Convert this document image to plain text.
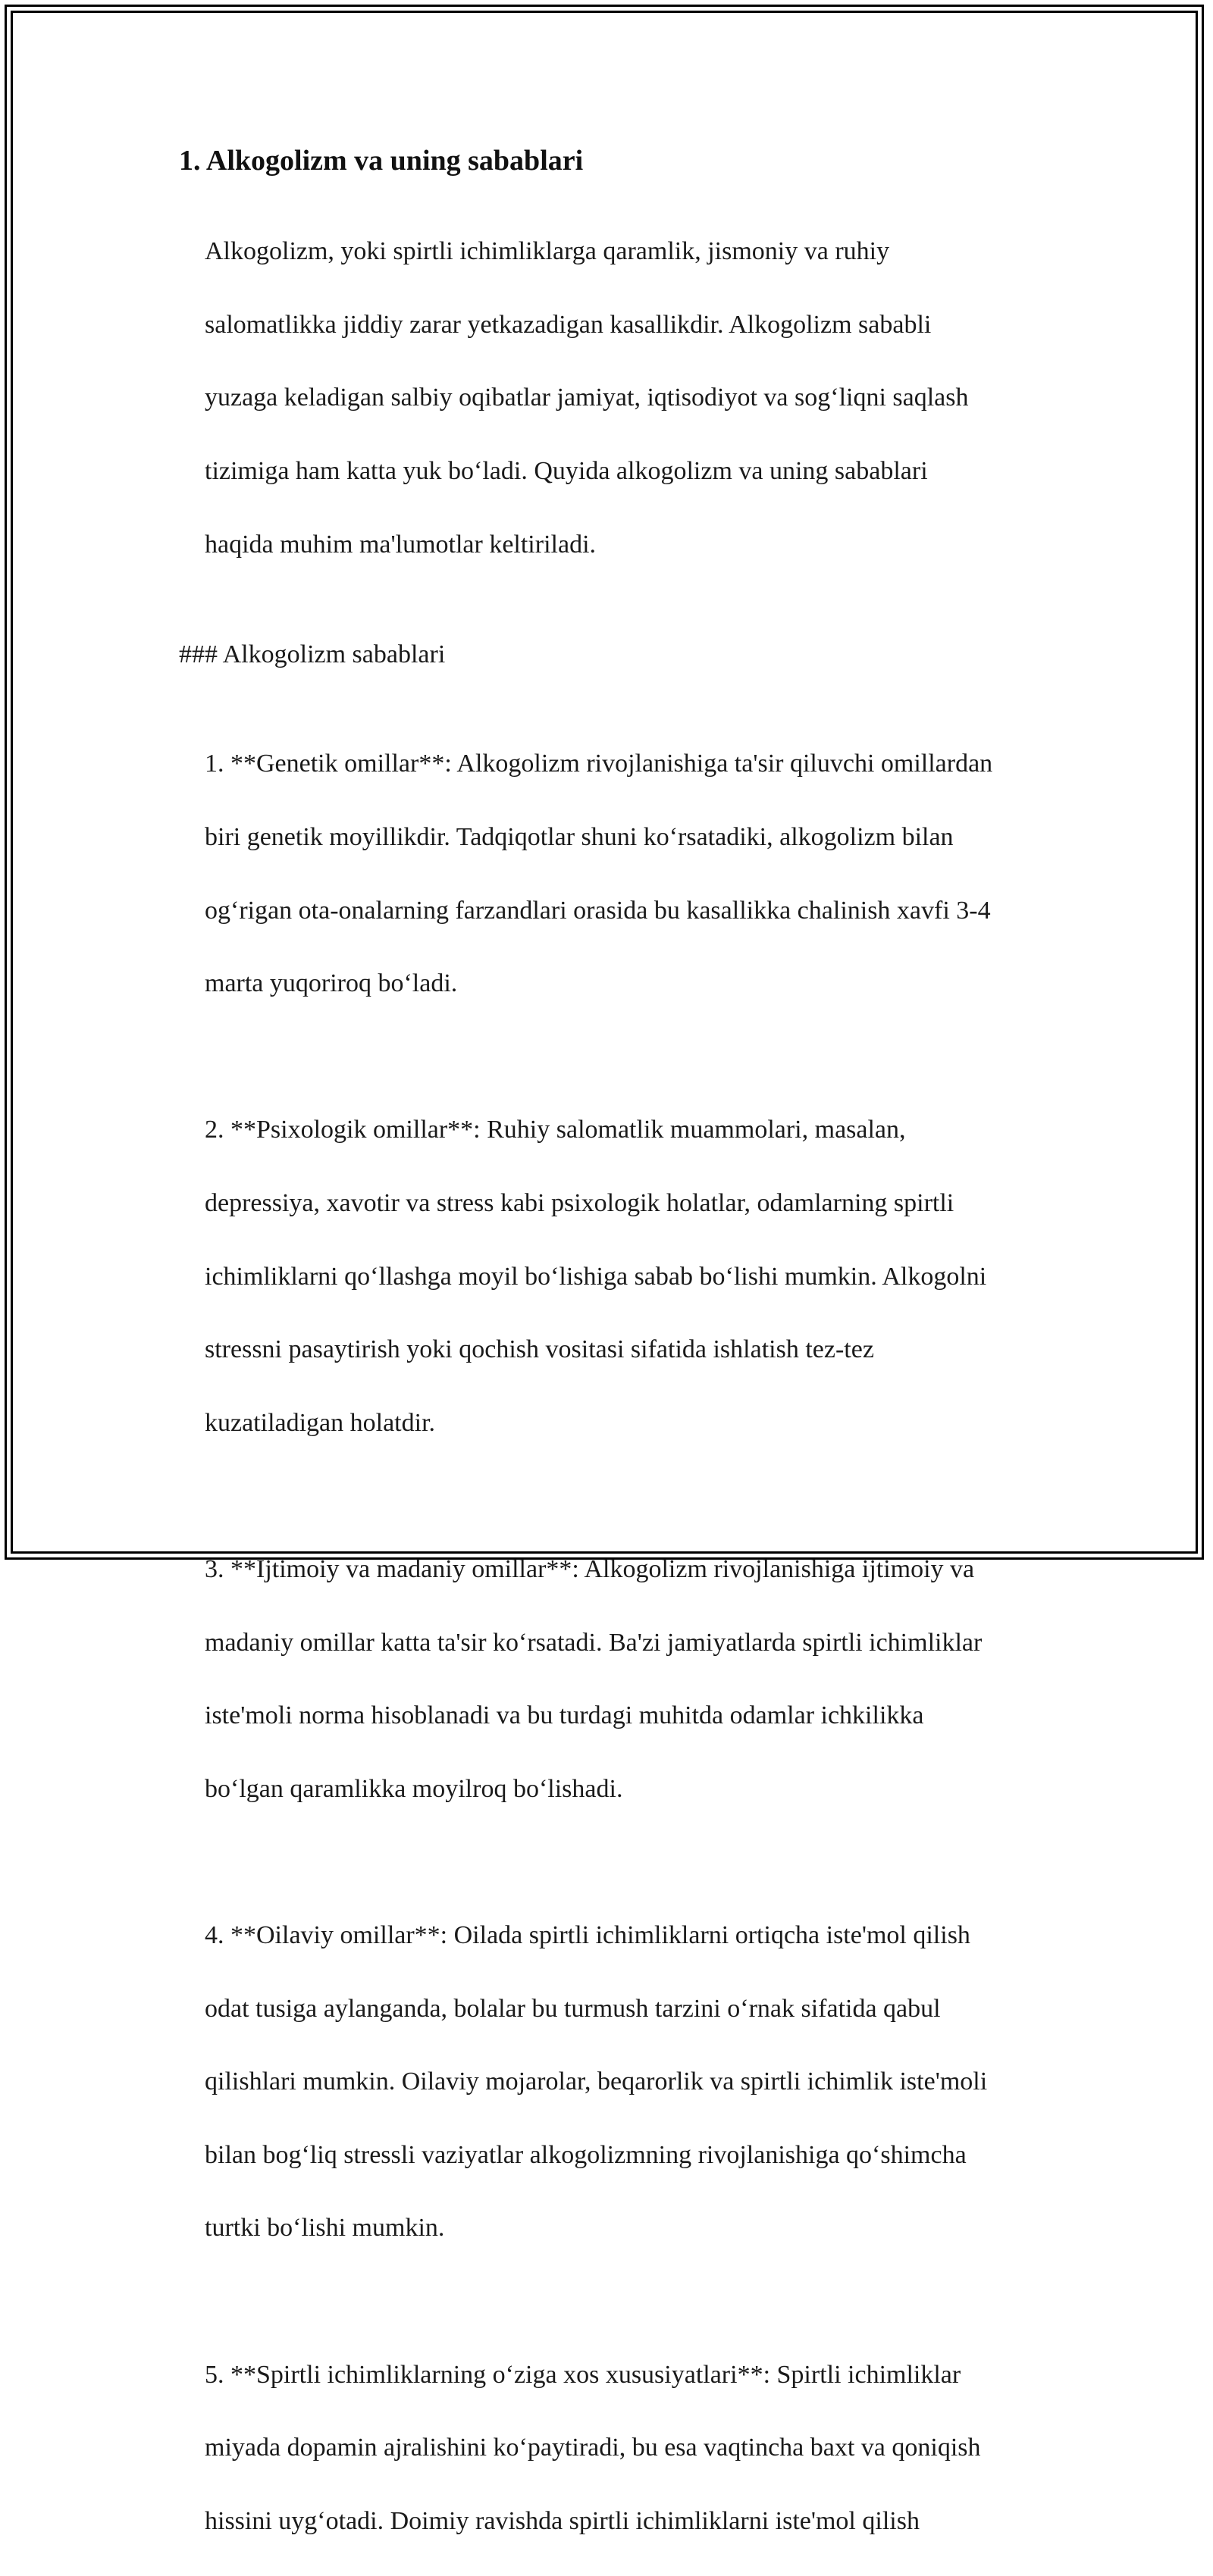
1. Alkogolizm va uning sabablari

Alkogolizm, yoki spirtli ichimliklarga qaramlik, jismoniy va ruhiy

salomatlikka jiddiy zarar yetkazadigan kasallikdir. Alkogolizm sababli

yuzaga keladigan salbiy oqibatlar jamiyat, iqtisodiyot va sog‘liqni saqlash

tizimiga ham katta yuk bo‘ladi. Quyida alkogolizm va uning sabablari

haqida muhim ma'lumotlar keltiriladi.

### Alkogolizm sabablari

1. **Genetik omillar**: Alkogolizm rivojlanishiga ta'sir qiluvchi omillardan

biri genetik moyillikdir. Tadqiqotlar shuni ko‘rsatadiki, alkogolizm bilan

og‘rigan ota-onalarning farzandlari orasida bu kasallikka chalinish xavfi 3-4

marta yuqoriroq bo‘ladi.

2. **Psixologik omillar**: Ruhiy salomatlik muammolari, masalan,

depressiya, xavotir va stress kabi psixologik holatlar, odamlarning spirtli

ichimliklarni qo‘llashga moyil bo‘lishiga sabab bo‘lishi mumkin. Alkogolni

stressni pasaytirish yoki qochish vositasi sifatida ishlatish tez-tez

kuzatiladigan holatdir.

3. **Ijtimoiy va madaniy omillar**: Alkogolizm rivojlanishiga ijtimoiy va

madaniy omillar katta ta'sir ko‘rsatadi. Ba'zi jamiyatlarda spirtli ichimliklar

iste'moli norma hisoblanadi va bu turdagi muhitda odamlar ichkilikka

bo‘lgan qaramlikka moyilroq bo‘lishadi.

4. **Oilaviy omillar**: Oilada spirtli ichimliklarni ortiqcha iste'mol qilish

odat tusiga aylanganda, bolalar bu turmush tarzini o‘rnak sifatida qabul

qilishlari mumkin. Oilaviy mojarolar, beqarorlik va spirtli ichimlik iste'moli

bilan bog‘liq stressli vaziyatlar alkogolizmning rivojlanishiga qo‘shimcha

turtki bo‘lishi mumkin.

5. **Spirtli ichimliklarning o‘ziga xos xususiyatlari**: Spirtli ichimliklar

miyada dopamin ajralishini ko‘paytiradi, bu esa vaqtincha baxt va qoniqish

hissini uyg‘otadi. Doimiy ravishda spirtli ichimliklarni iste'mol qilish
